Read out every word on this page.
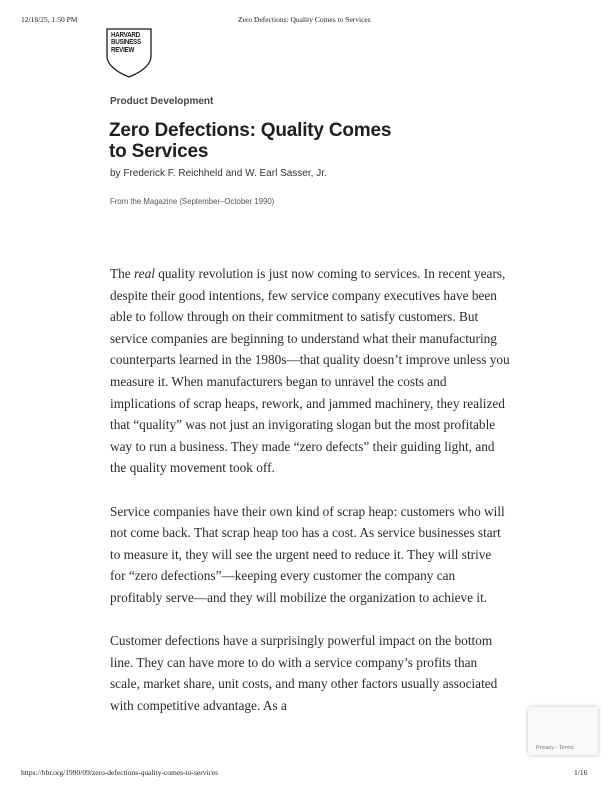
12/18/25, 1:50 PM	Zero Defections: Quality Comes to Services
HARVARD
BUSINESS
REVIEW
Product Development
Zero Defections: Quality Comes to Services
by Frederick F. Reichheld and W. Earl Sasser, Jr.
From the Magazine (September–October 1990)

The real quality revolution is just now coming to services. In recent years, despite their good intentions, few service company executives have been able to follow through on their commitment to satisfy customers. But service companies are beginning to understand what their manufacturing counterparts learned in the 1980s—that quality doesn’t improve unless you measure it. When manufacturers began to unravel the costs and implications of scrap heaps, rework, and jammed machinery, they realized that “quality” was not just an invigorating slogan but the most profitable way to run a business. They made “zero defects” their guiding light, and the quality movement took off.

Service companies have their own kind of scrap heap: customers who will not come back. That scrap heap too has a cost. As service businesses start to measure it, they will see the urgent need to reduce it. They will strive for “zero defections”—keeping every customer the company can profitably serve—and they will mobilize the organization to achieve it.

Customer defections have a surprisingly powerful impact on the bottom line. They can have more to do with a service company’s profits than scale, market share, unit costs, and many other factors usually associated with competitive advantage. As a

Privacy - Terms
https://hbr.org/1990/09/zero-defections-quality-comes-to-services	1/16
